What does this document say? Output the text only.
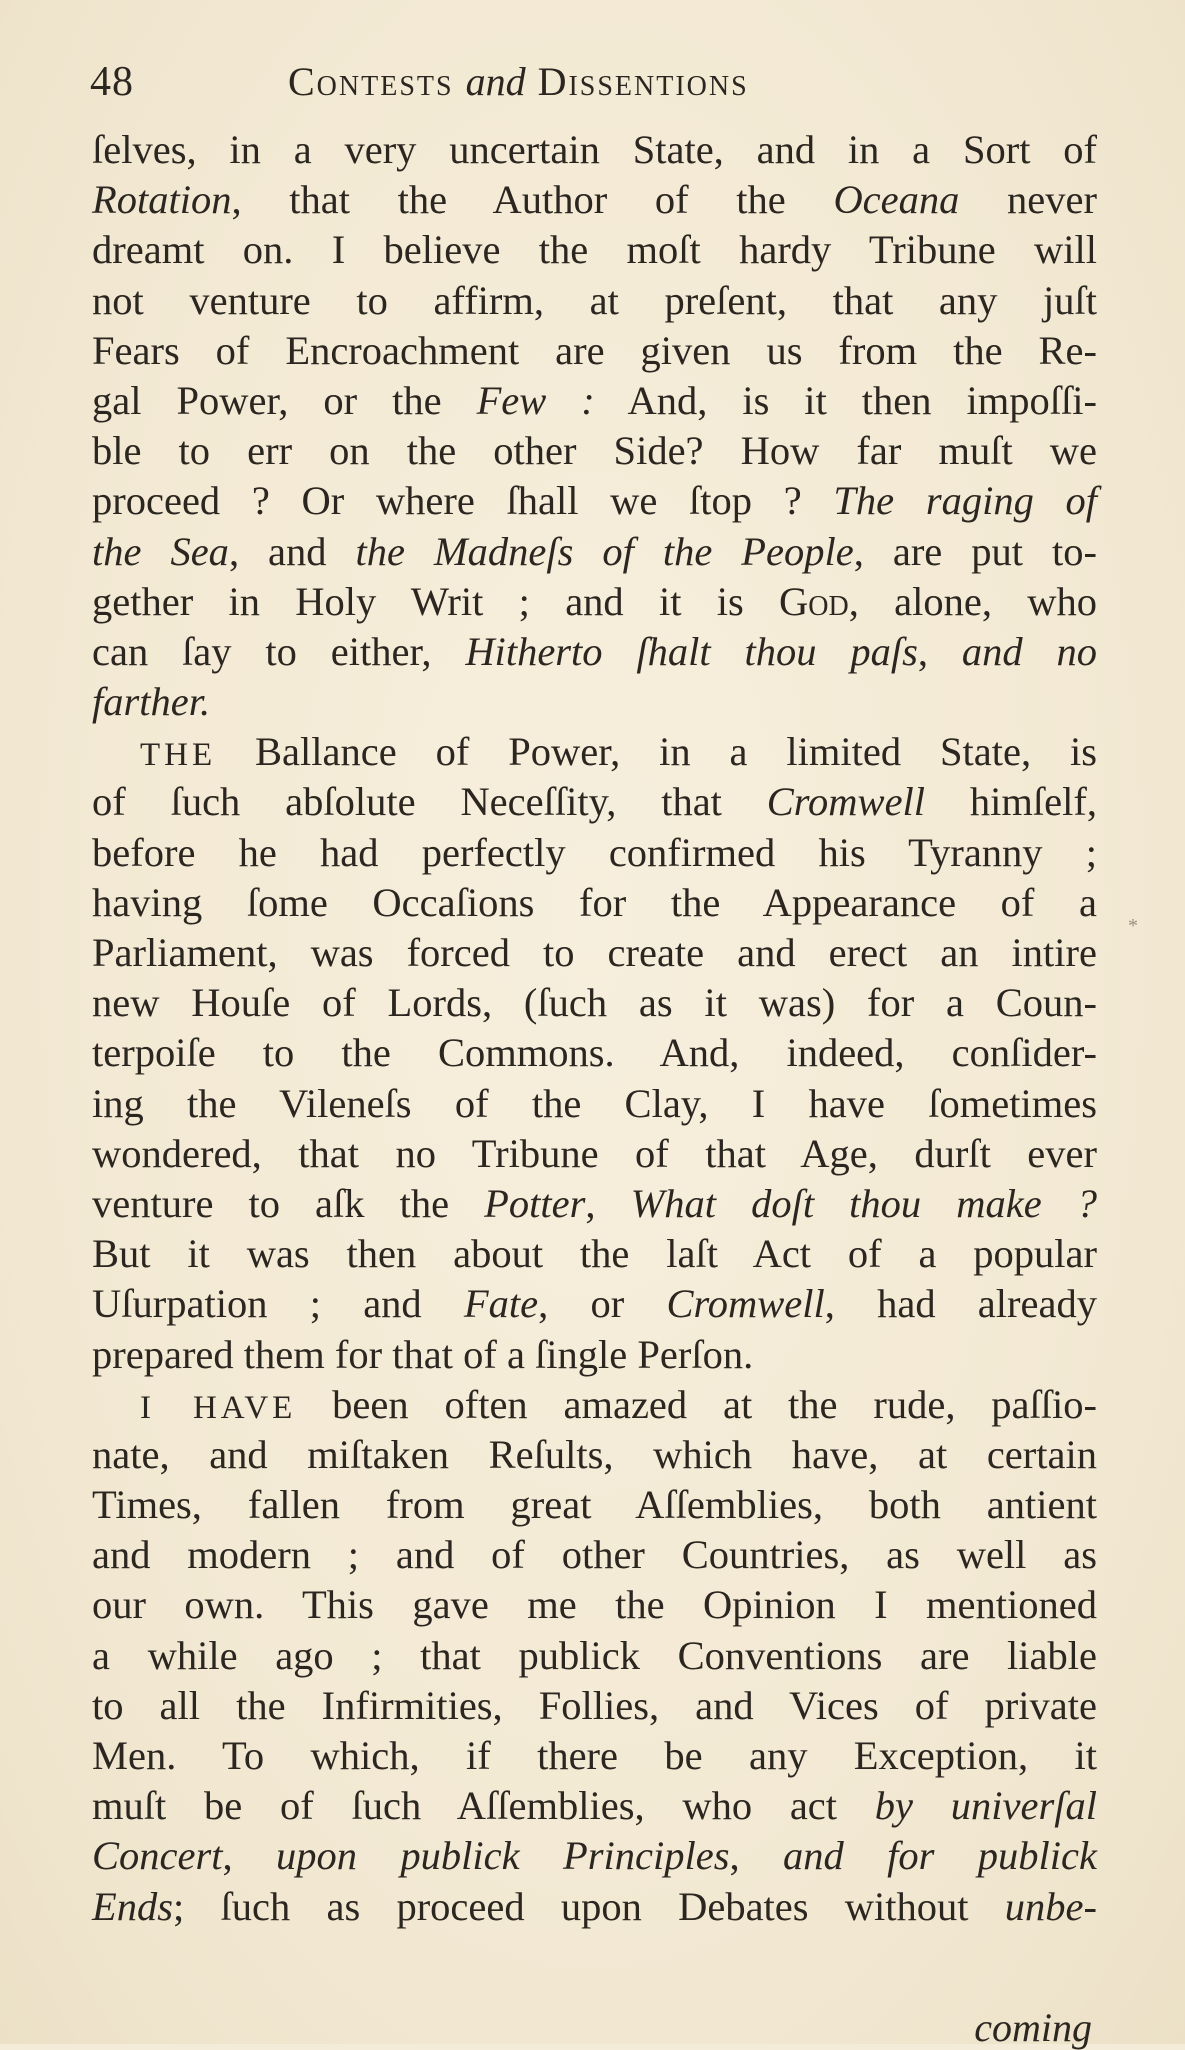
48	Contests and Dissentions
ſelves, in a very uncertain State, and in a Sort of
Rotation, that the Author of the Oceana never
dreamt on. I believe the moſt hardy Tribune will
not venture to affirm, at preſent, that any juſt
Fears of Encroachment are given us from the Re-
gal Power, or the Few : And, is it then impoſſi-
ble to err on the other Side? How far muſt we
proceed ? Or where ſhall we ſtop ? The raging of
the Sea, and the Madneſs of the People, are put to-
gether in Holy Writ ; and it is God, alone, who
can ſay to either, Hitherto ſhalt thou paſs, and no
farther.
THE Ballance of Power, in a limited State, is
of ſuch abſolute Neceſſity, that Cromwell himſelf,
before he had perfectly confirmed his Tyranny ;
having ſome Occaſions for the Appearance of a
Parliament, was forced to create and erect an intire
new Houſe of Lords, (ſuch as it was) for a Coun-
terpoiſe to the Commons. And, indeed, conſider-
ing the Vileneſs of the Clay, I have ſometimes
wondered, that no Tribune of that Age, durſt ever
venture to aſk the Potter, What doſt thou make ?
But it was then about the laſt Act of a popular
Uſurpation ; and Fate, or Cromwell, had already
prepared them for that of a ſingle Perſon.
I HAVE been often amazed at the rude, paſſio-
nate, and miſtaken Reſults, which have, at certain
Times, fallen from great Aſſemblies, both antient
and modern ; and of other Countries, as well as
our own. This gave me the Opinion I mentioned
a while ago ; that publick Conventions are liable
to all the Infirmities, Follies, and Vices of private
Men. To which, if there be any Exception, it
muſt be of ſuch Aſſemblies, who act by univerſal
Concert, upon publick Principles, and for publick
Ends; ſuch as proceed upon Debates without unbe-
coming
*
